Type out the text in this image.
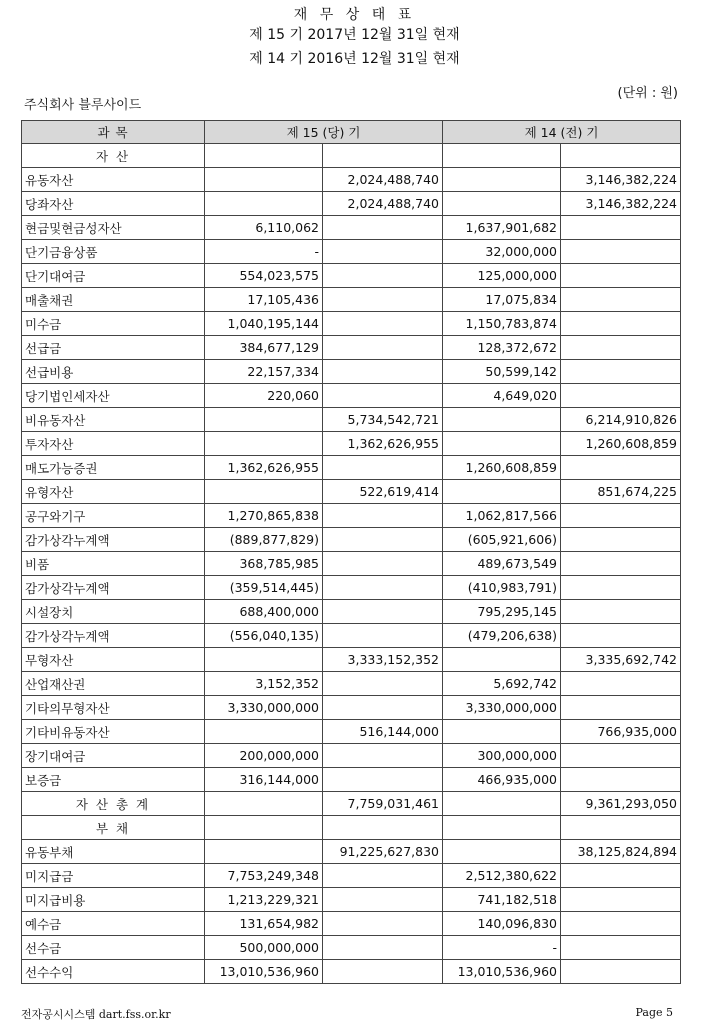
재 무 상 태 표
제 15 기 2017년 12월 31일 현재
제 14 기 2016년 12월 31일 현재
(단위 : 원)
주식회사 블루사이드
과 목	제 15 (당) 기		제 14 (전) 기	
자 산				
유동자산		2,024,488,740		3,146,382,224
당좌자산		2,024,488,740		3,146,382,224
현금및현금성자산	6,110,062		1,637,901,682	
단기금융상품	-		32,000,000	
단기대여금	554,023,575		125,000,000	
매출채권	17,105,436		17,075,834	
미수금	1,040,195,144		1,150,783,874	
선급금	384,677,129		128,372,672	
선급비용	22,157,334		50,599,142	
당기법인세자산	220,060		4,649,020	
비유동자산		5,734,542,721		6,214,910,826
투자자산		1,362,626,955		1,260,608,859
매도가능증권	1,362,626,955		1,260,608,859	
유형자산		522,619,414		851,674,225
공구와기구	1,270,865,838		1,062,817,566	
감가상각누계액	(889,877,829)		(605,921,606)	
비품	368,785,985		489,673,549	
감가상각누계액	(359,514,445)		(410,983,791)	
시설장치	688,400,000		795,295,145	
감가상각누계액	(556,040,135)		(479,206,638)	
무형자산		3,333,152,352		3,335,692,742
산업재산권	3,152,352		5,692,742	
기타의무형자산	3,330,000,000		3,330,000,000	
기타비유동자산		516,144,000		766,935,000
장기대여금	200,000,000		300,000,000	
보증금	316,144,000		466,935,000	
자 산 총 계		7,759,031,461		9,361,293,050
부 채				
유동부채		91,225,627,830		38,125,824,894
미지급금	7,753,249,348		2,512,380,622	
미지급비용	1,213,229,321		741,182,518	
예수금	131,654,982		140,096,830	
선수금	500,000,000		-	
선수수익	13,010,536,960		13,010,536,960	
전자공시시스템 dart.fss.or.kr	Page 5
